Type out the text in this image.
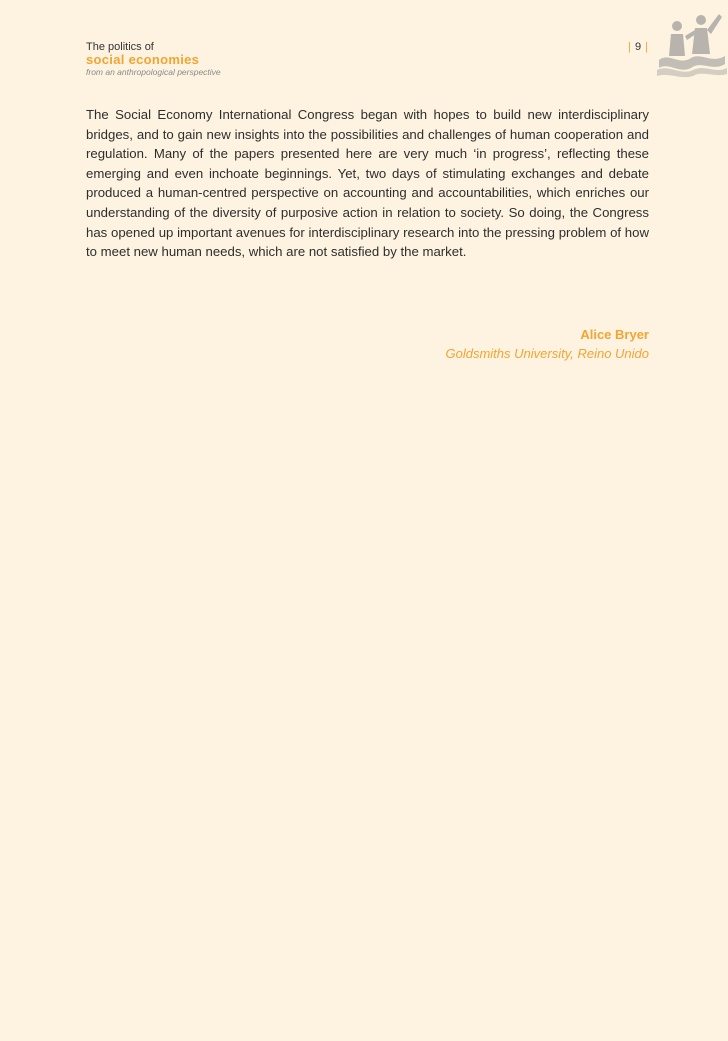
The politics of
social economies
from an anthropological perspective
| 9 |

The Social Economy International Congress began with hopes to build new interdisciplinary bridges, and to gain new insights into the possibilities and challenges of human cooperation and regulation. Many of the papers presented here are very much ‘in progress’, reflecting these emerging and even inchoate beginnings. Yet, two days of stimulating exchanges and debate produced a human-centred perspective on accounting and accountabilities, which enriches our understanding of the diversity of purposive action in relation to society. So doing, the Congress has opened up important avenues for interdisciplinary research into the pressing problem of how to meet new human needs, which are not satisfied by the market.

Alice Bryer
Goldsmiths University, Reino Unido
